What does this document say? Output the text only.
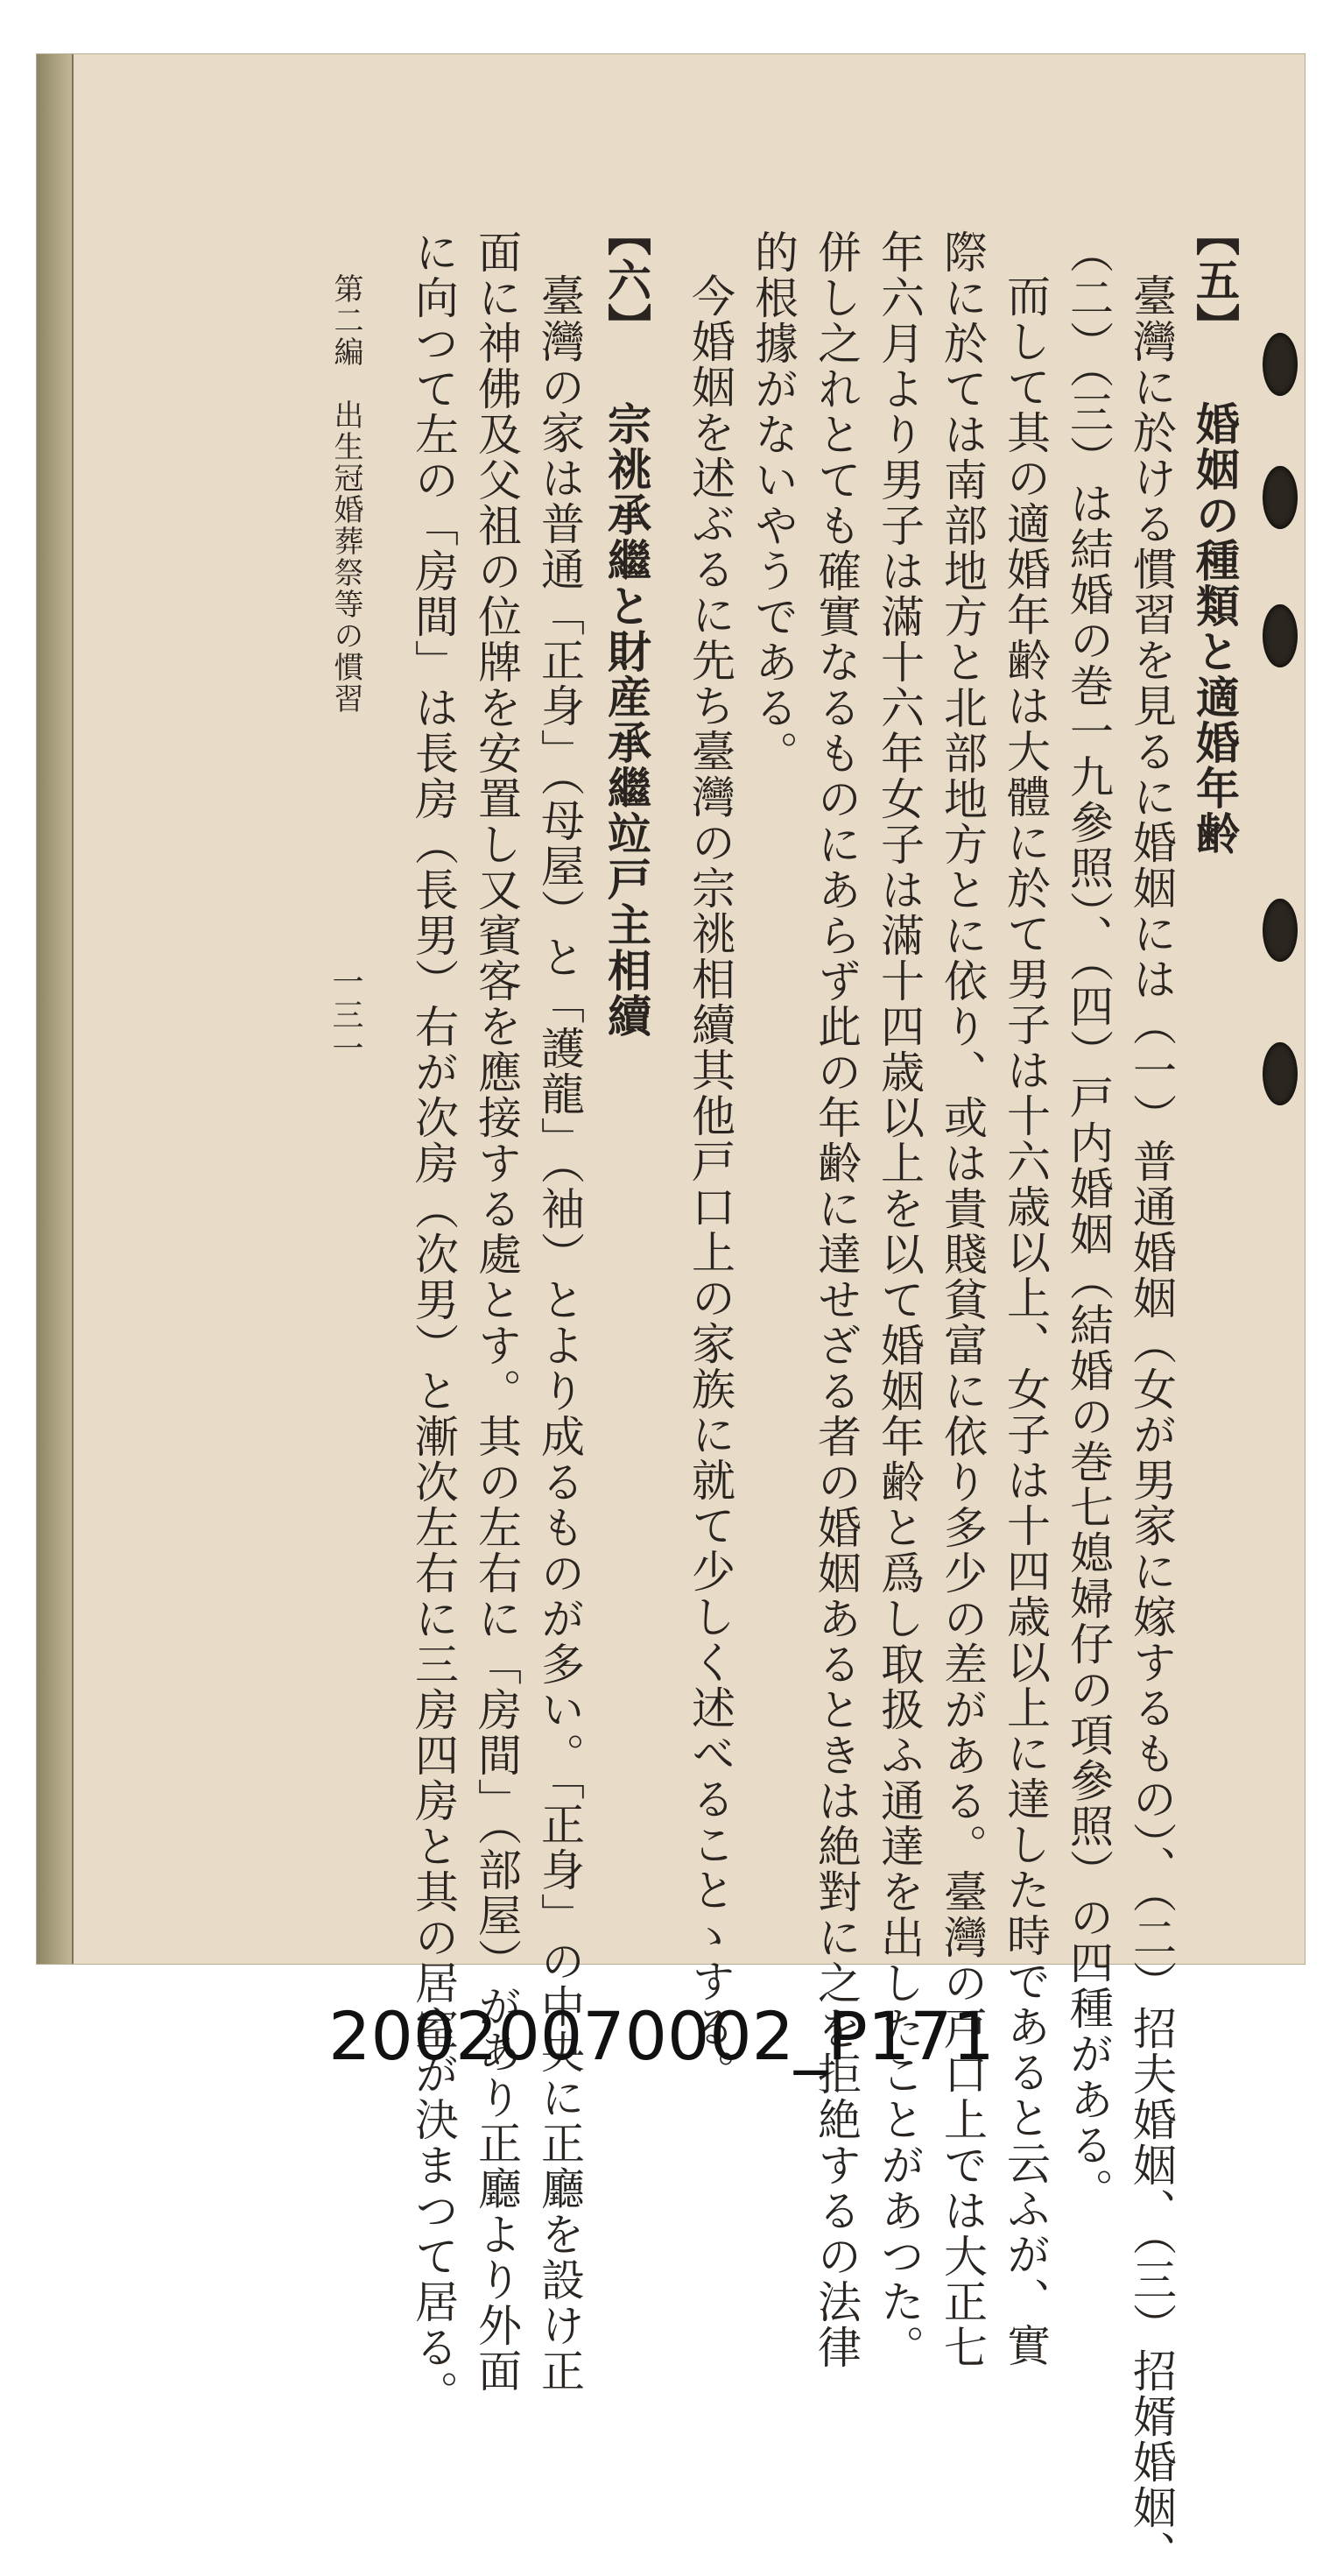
【五】 婚姻の種類と適婚年齢
臺灣に於ける慣習を見るに婚姻には（一）普通婚姻（女が男家に嫁するもの）、（二）招夫婚姻、（三）招婿婚姻、
（二）（三）は結婚の巻一九參照）、（四）戸内婚姻（結婚の巻七媳婦仔の項參照）の四種がある。
而して其の適婚年齢は大體に於て男子は十六歳以上、女子は十四歳以上に達した時であると云ふが、實
際に於ては南部地方と北部地方とに依り、或は貴賤貧富に依り多少の差がある。臺灣の戸口上では大正七
年六月より男子は滿十六年女子は滿十四歳以上を以て婚姻年齢と爲し取扱ふ通達を出したことがあつた。
併し之れとても確實なるものにあらず此の年齢に達せざる者の婚姻あるときは絶對に之を拒絶するの法律
的根據がないやうである。
今婚姻を述ぶるに先ち臺灣の宗祧相續其他戸口上の家族に就て少しく述べることゝする。
【六】 宗祧承繼と財産承繼竝戸主相續
臺灣の家は普通「正身」（母屋）と「護龍」（袖）とより成るものが多い。「正身」の中央に正廳を設け正
面に神佛及父祖の位牌を安置し又賓客を應接する處とす。其の左右に「房間」（部屋）があり正廳より外面
に向つて左の「房間」は長房（長男）右が次房（次男）と漸次左右に三房四房と其の居室が決まつて居る。
第二編　出生冠婚葬祭等の慣習
一三一
20020070002_P171
